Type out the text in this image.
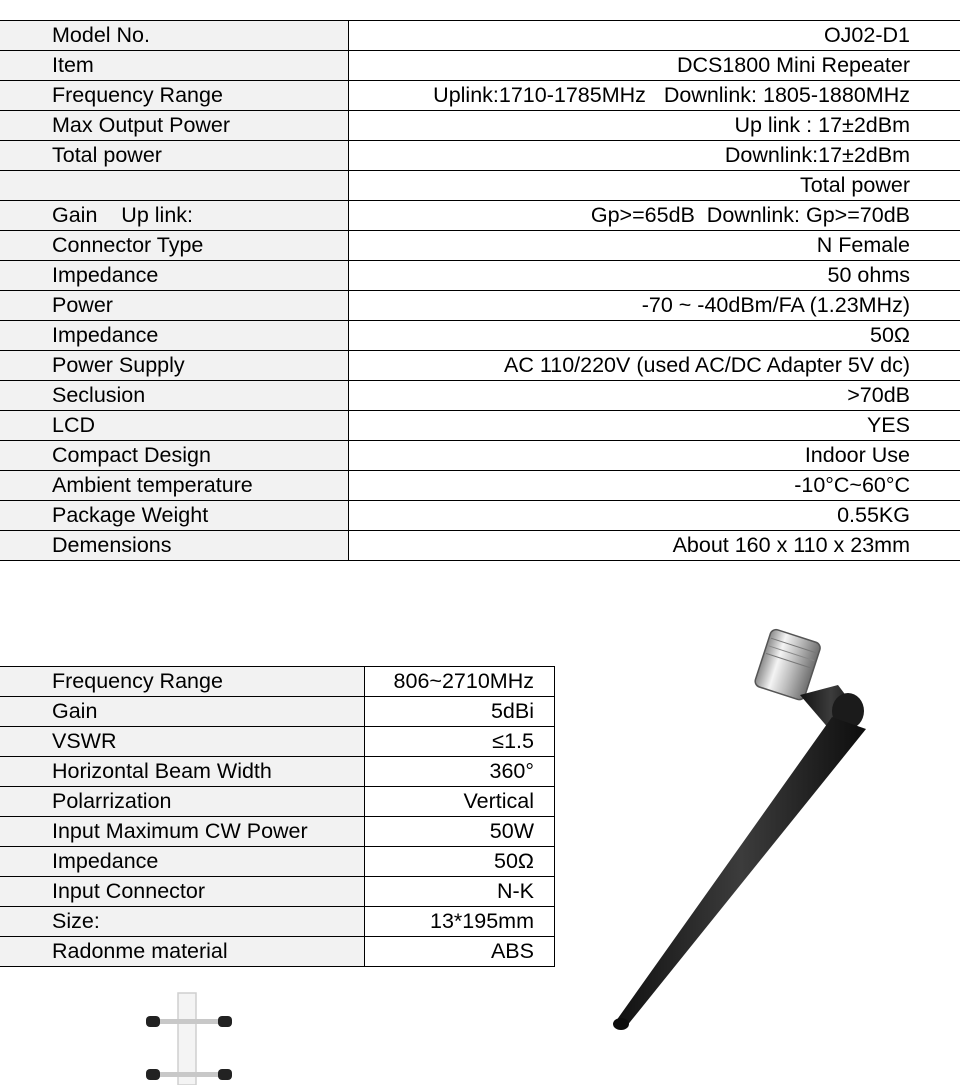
Model No.	OJ02-D1
Item	DCS1800 Mini Repeater
Frequency Range	Uplink:1710-1785MHz   Downlink: 1805-1880MHz
Max Output Power	Up link : 17±2dBm
Total power	Downlink:17±2dBm
	Total power
Gain    Up link:	Gp>=65dB  Downlink: Gp>=70dB
Connector Type	N Female
Impedance	50 ohms
Power	-70 ~ -40dBm/FA (1.23MHz)
Impedance	50Ω
Power Supply	AC 110/220V (used AC/DC Adapter 5V dc)
Seclusion	>70dB
LCD	YES
Compact Design	Indoor Use
Ambient temperature	-10°C~60°C
Package Weight	0.55KG
Demensions	About 160 x 110 x 23mm
Frequency Range	806~2710MHz
Gain	5dBi
VSWR	≤1.5
Horizontal Beam Width	360°
Polarrization	Vertical
Input Maximum CW Power	50W
Impedance	50Ω
Input Connector	N-K
Size:	13*195mm
Radonme material	ABS
